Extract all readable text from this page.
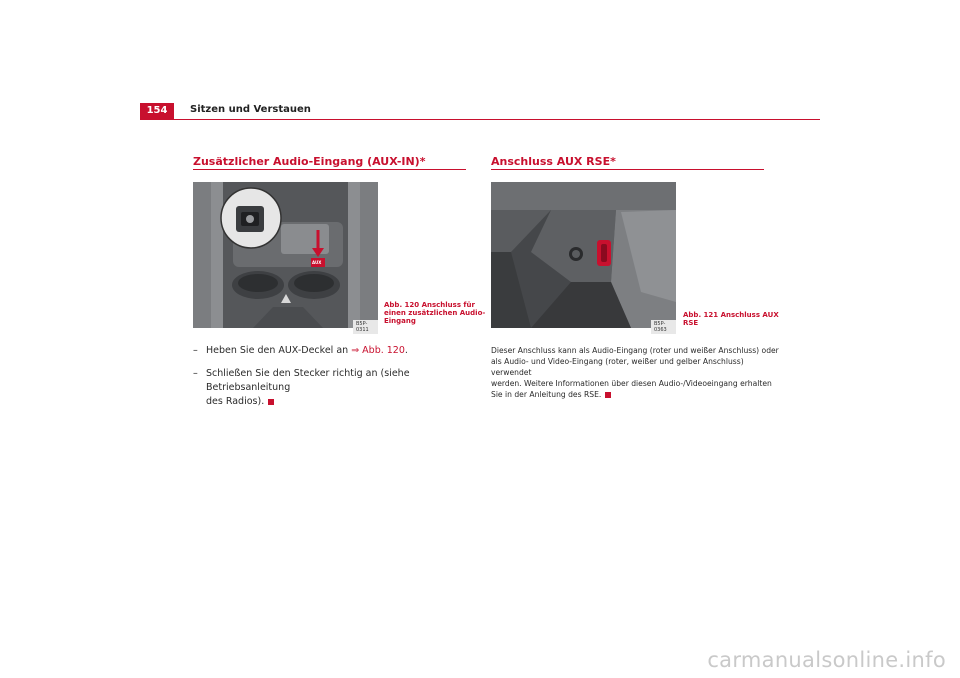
154	Sitzen und Verstauen
Zusätzlicher Audio-Eingang (AUX-IN)*
B5P-0311
AUX
Abb. 120 Anschluss für
einen zusätzlichen Audio-
Eingang
– Heben Sie den AUX-Deckel an ⇒ Abb. 120.
– Schließen Sie den Stecker richtig an (siehe Betriebsanleitung
des Radios).
Anschluss AUX RSE*
B5P-0363
Abb. 121 Anschluss AUX
RSE
Dieser Anschluss kann als Audio-Eingang (roter und weißer Anschluss) oder
als Audio- und Video-Eingang (roter, weißer und gelber Anschluss) verwendet
werden. Weitere Informationen über diesen Audio-/Videoeingang erhalten
Sie in der Anleitung des RSE.
carmanualsonline.info
